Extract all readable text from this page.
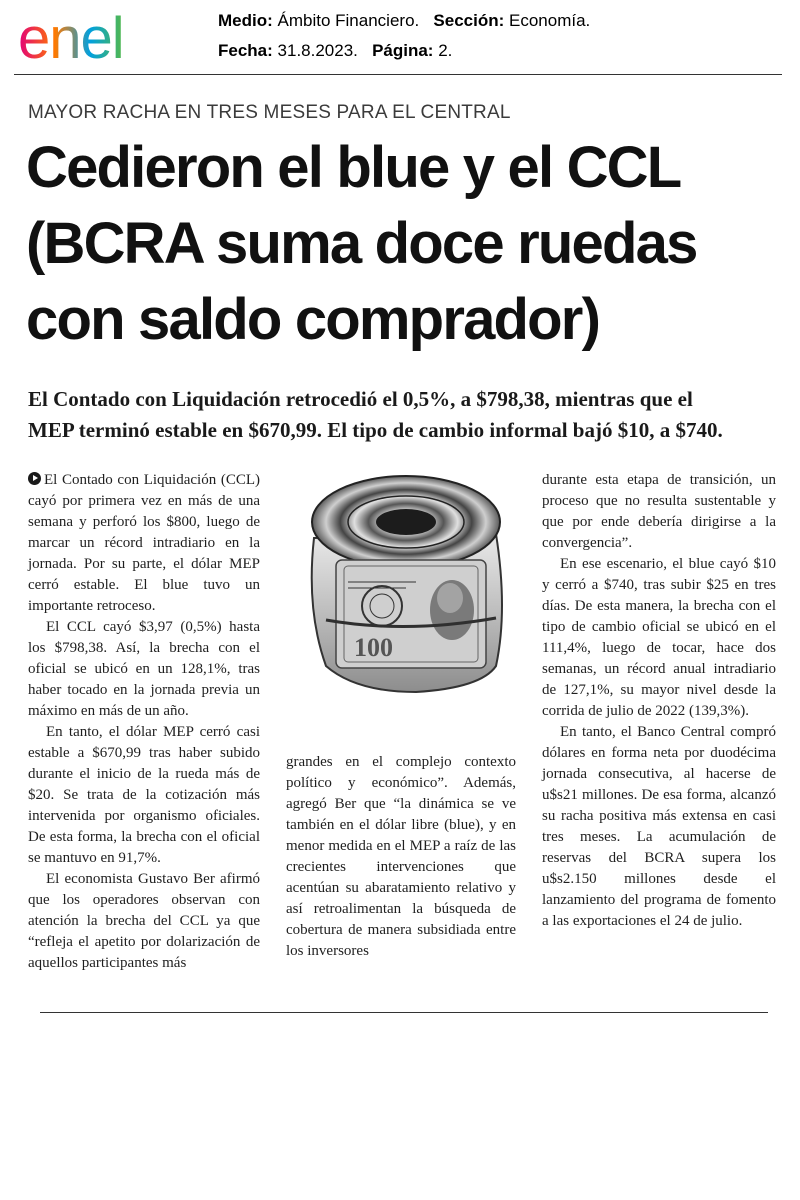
enel	Medio: Ámbito Financiero. Sección: Economía.
Fecha: 31.8.2023. Página: 2.
MAYOR RACHA EN TRES MESES PARA EL CENTRAL
Cedieron el blue y el CCL
(BCRA suma doce ruedas
con saldo comprador)
El Contado con Liquidación retrocedió el 0,5%, a $798,38, mientras que el
MEP terminó estable en $670,99. El tipo de cambio informal bajó $10, a $740.

El Contado con Liquidación (CCL) cayó por primera vez en más de una semana y perforó los $800, luego de marcar un récord intradiario en la jornada. Por su parte, el dólar MEP cerró estable. El blue tuvo un importante retroceso.

El CCL cayó $3,97 (0,5%) hasta los $798,38. Así, la brecha con el oficial se ubicó en un 128,1%, tras haber tocado en la jornada previa un máximo en más de un año.

En tanto, el dólar MEP cerró casi estable a $670,99 tras haber subido durante el inicio de la rueda más de $20. Se trata de la cotización más intervenida por organismo oficiales. De esta forma, la brecha con el oficial se mantuvo en 91,7%.

El economista Gustavo Ber afirmó que los operadores observan con atención la brecha del CCL ya que “refleja el apetito por dolarización de aquellos participantes más

100

grandes en el complejo contexto político y económico”. Además, agregó Ber que “la dinámica se ve también en el dólar libre (blue), y en menor medida en el MEP a raíz de las crecientes intervenciones que acentúan su abaratamiento relativo y así retroalimentan la búsqueda de cobertura de manera subsidiada entre los inversores

durante esta etapa de transición, un proceso que no resulta sustentable y que por ende debería dirigirse a la convergencia”.

En ese escenario, el blue cayó $10 y cerró a $740, tras subir $25 en tres días. De esta manera, la brecha con el tipo de cambio oficial se ubicó en el 111,4%, luego de tocar, hace dos semanas, un récord anual intradiario de 127,1%, su mayor nivel desde la corrida de julio de 2022 (139,3%).

En tanto, el Banco Central compró dólares en forma neta por duodécima jornada consecutiva, al hacerse de u$s21 millones. De esa forma, alcanzó su racha positiva más extensa en casi tres meses. La acumulación de reservas del BCRA supera los u$s2.150 millones desde el lanzamiento del programa de fomento a las exportaciones el 24 de julio.
